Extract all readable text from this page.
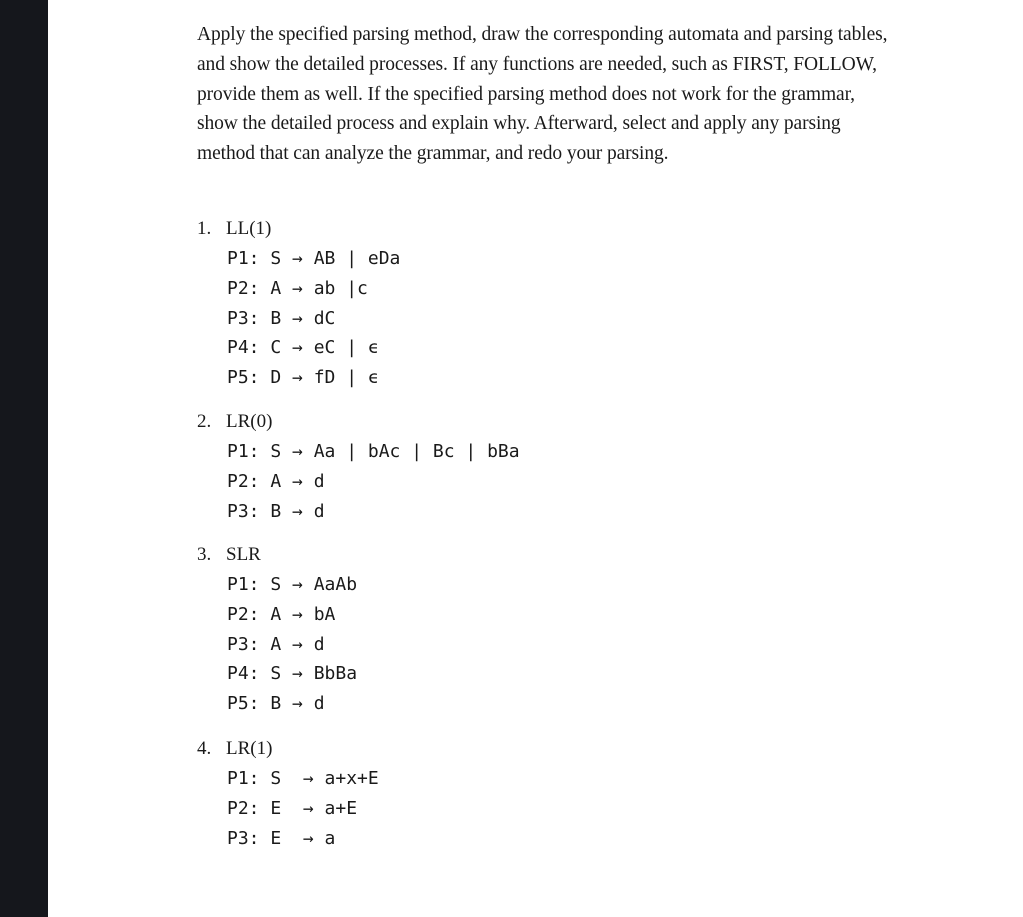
Apply the specified parsing method, draw the corresponding automata and parsing tables, and show the detailed processes. If any functions are needed, such as FIRST, FOLLOW, provide them as well. If the specified parsing method does not work for the grammar, show the detailed process and explain why. Afterward, select and apply any parsing method that can analyze the grammar, and redo your parsing.

1. LL(1)
P1: S → AB | eDa
P2: A → ab |c
P3: B → dC
P4: C → eC | ϵ
P5: D → fD | ϵ
2. LR(0)
P1: S → Aa | bAc | Bc | bBa
P2: A → d
P3: B → d
3. SLR
P1: S → AaAb
P2: A → bA
P3: A → d
P4: S → BbBa
P5: B → d
4. LR(1)
P1: S  → a+x+E
P2: E  → a+E
P3: E  → a
